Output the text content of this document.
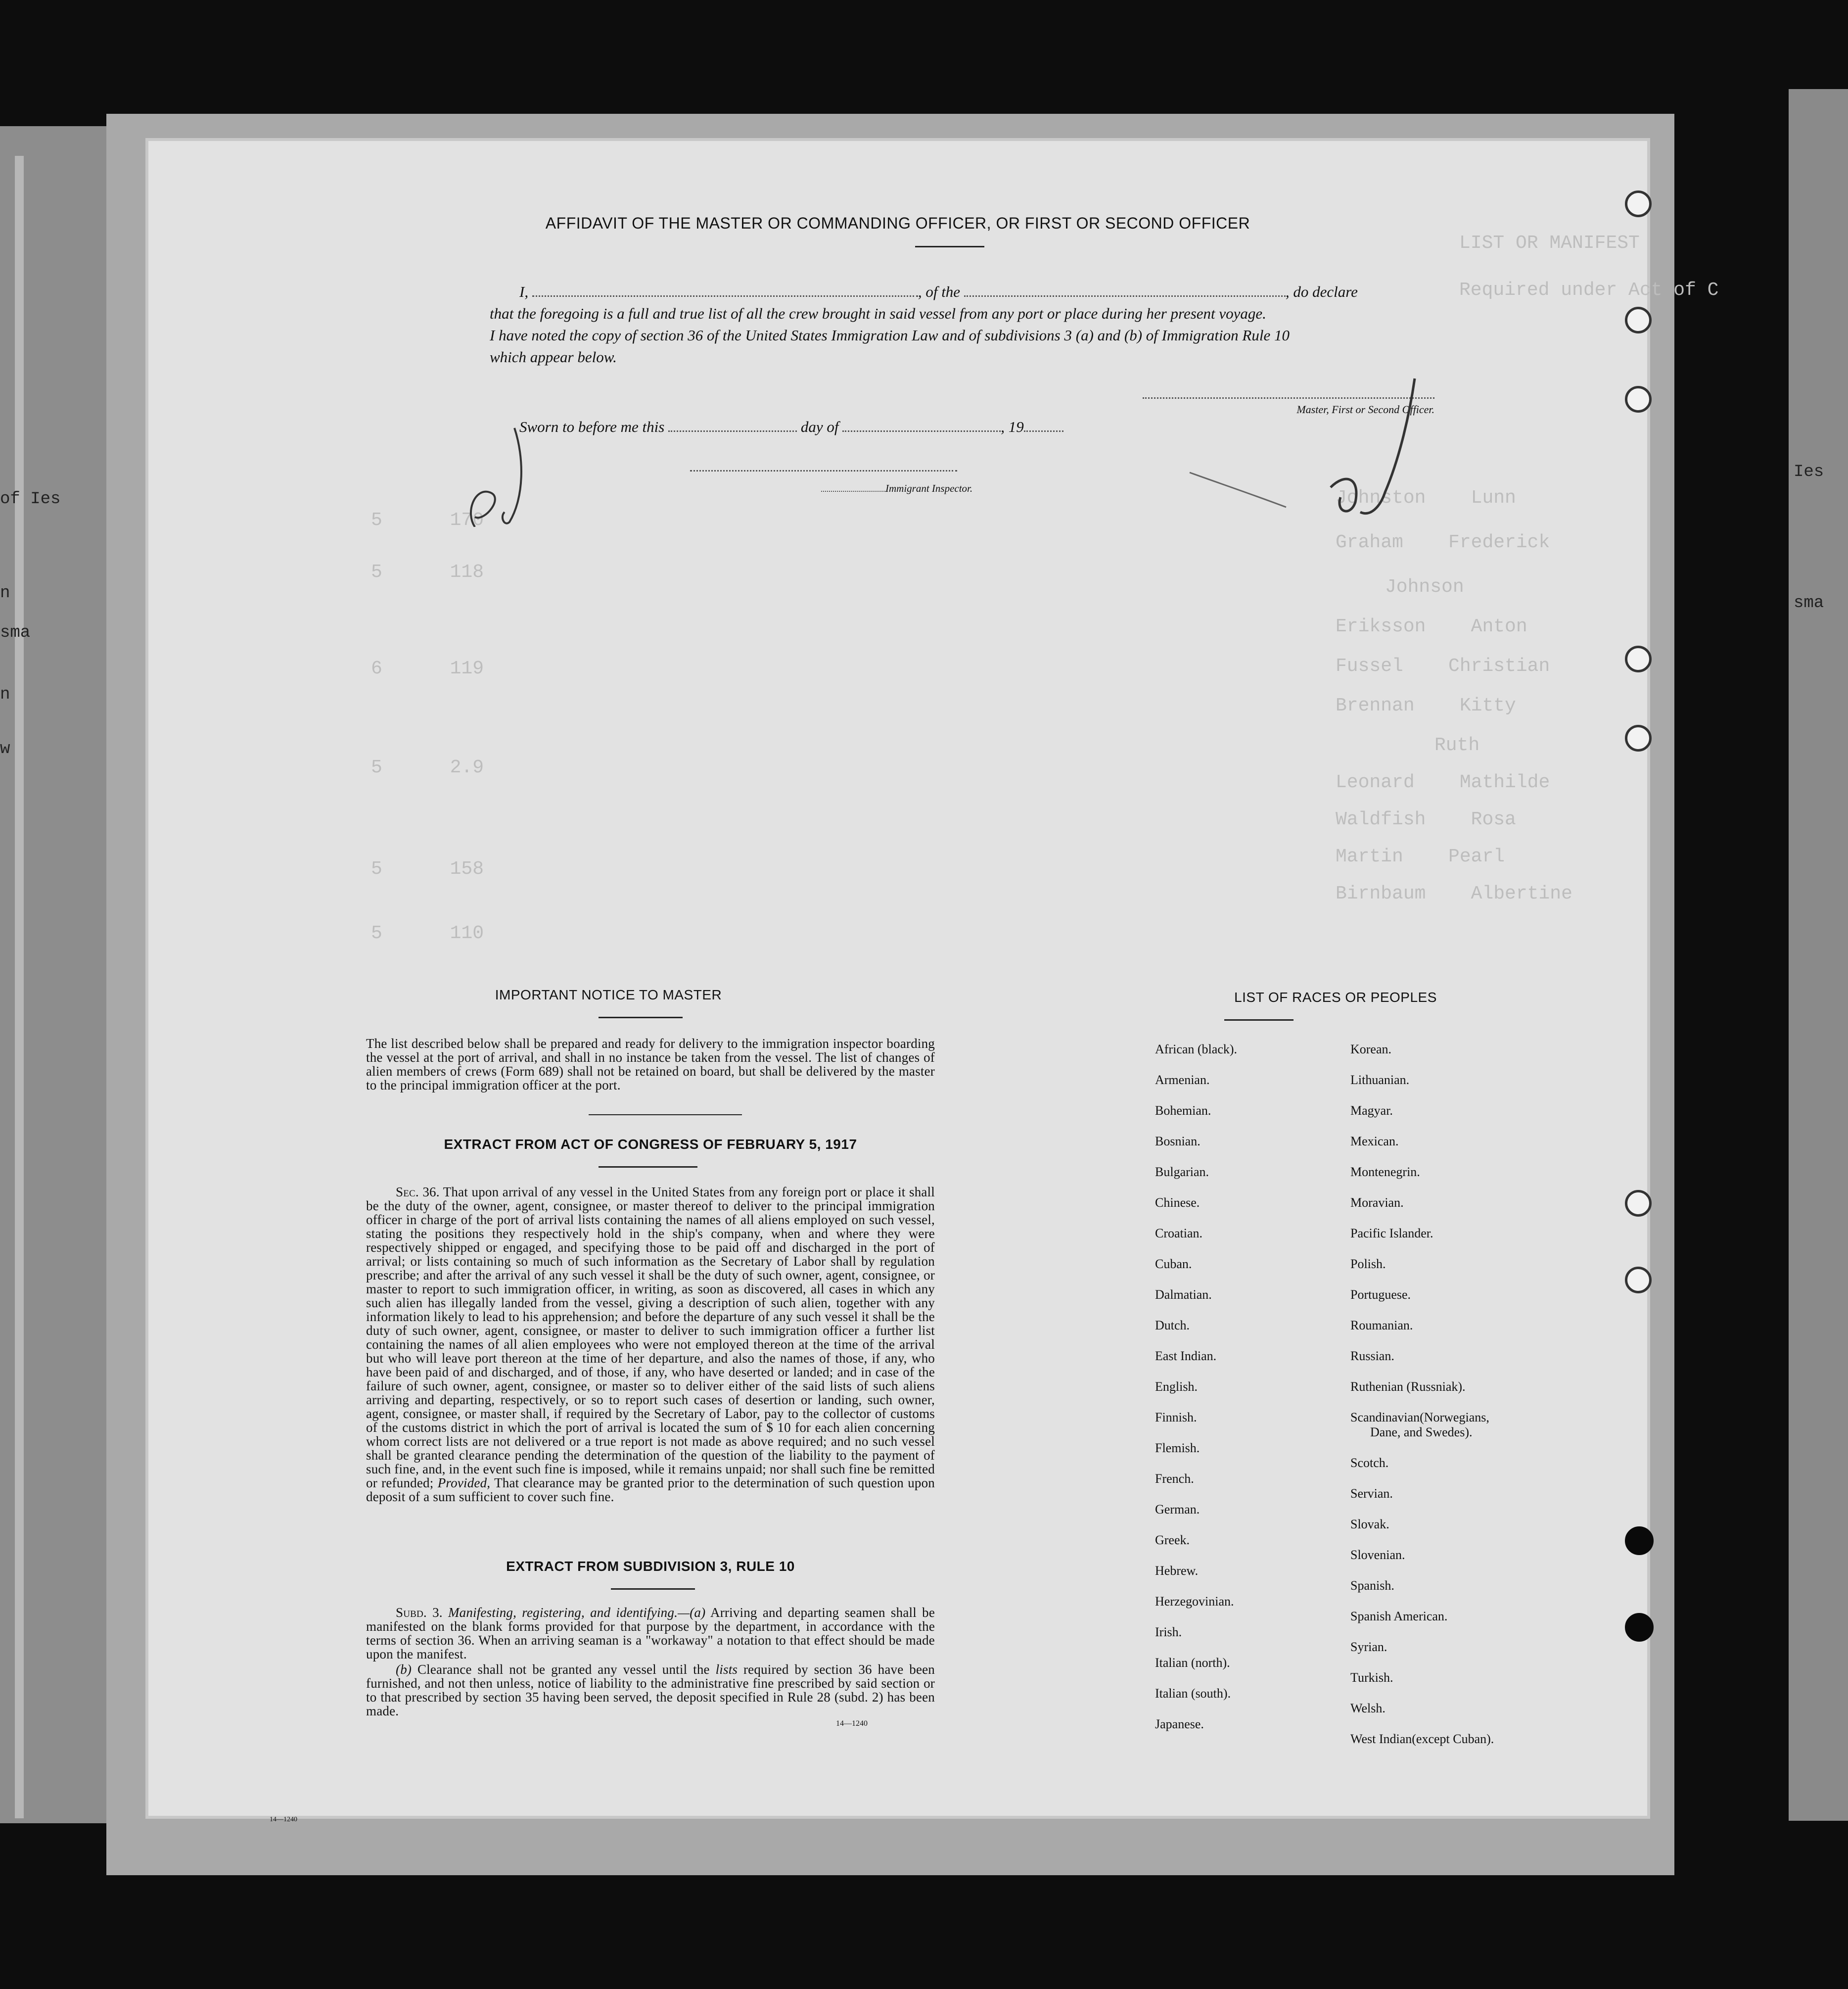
of Ies
n
sma
w
n
Ies
sma
LIST OR MANIFEST
Required under Act of C
Johnston    Lunn
Graham    Frederick
Johnson
Eriksson    Anton
Fussel    Christian
Brennan    Kitty
Ruth
Leonard    Mathilde
Waldfish    Rosa
Martin    Pearl
Birnbaum    Albertine
5      170
5      118
6      119
5      2.9
5      158
5      110
AFFIDAVIT OF THE MASTER OR COMMANDING OFFICER, OR FIRST OR SECOND OFFICER
I,	, of the	, do declare
that the foregoing is a full and true list of all the crew brought in said vessel from any port or place during her present voyage.
I have noted the copy of section 36 of the United States Immigration Law and of subdivisions 3 (a) and (b) of Immigration Rule 10
which appear below.
Master, First or Second Officer.
Sworn to before me this	day of	, 19
Immigrant Inspector.
IMPORTANT NOTICE TO MASTER

The list described below shall be prepared and ready for delivery to the immigration inspector boarding the vessel at the port of arrival, and shall in no instance be taken from the vessel. The list of changes of alien members of crews (Form 689) shall not be retained on board, but shall be delivered by the master to the principal immigration officer at the port.

EXTRACT FROM ACT OF CONGRESS OF FEBRUARY 5, 1917

Sec. 36. That upon arrival of any vessel in the United States from any foreign port or place it shall be the duty of the owner, agent, consignee, or master thereof to deliver to the principal immigration officer in charge of the port of arrival lists containing the names of all aliens employed on such vessel, stating the positions they respectively hold in the ship's company, when and where they were respectively shipped or engaged, and specifying those to be paid off and discharged in the port of arrival; or lists containing so much of such information as the Secretary of Labor shall by regulation prescribe; and after the arrival of any such vessel it shall be the duty of such owner, agent, consignee, or master to report to such immigration officer, in writing, as soon as discovered, all cases in which any such alien has illegally landed from the vessel, giving a description of such alien, together with any information likely to lead to his apprehension; and before the departure of any such vessel it shall be the duty of such owner, agent, consignee, or master to deliver to such immigration officer a further list containing the names of all alien employees who were not employed thereon at the time of the arrival but who will leave port thereon at the time of her departure, and also the names of those, if any, who have been paid of and discharged, and of those, if any, who have deserted or landed; and in case of the failure of such owner, agent, consignee, or master so to deliver either of the said lists of such aliens arriving and departing, respectively, or so to report such cases of desertion or landing, such owner, agent, consignee, or master shall, if required by the Secretary of Labor, pay to the collector of customs of the customs district in which the port of arrival is located the sum of $ 10 for each alien concerning whom correct lists are not delivered or a true report is not made as above required; and no such vessel shall be granted clearance pending the determination of the question of the liability to the payment of such fine, and, in the event such fine is imposed, while it remains unpaid; nor shall such fine be remitted or refunded; Provided, That clearance may be granted prior to the determination of such question upon deposit of a sum sufficient to cover such fine.

EXTRACT FROM SUBDIVISION 3, RULE 10

Subd. 3. Manifesting, registering, and identifying.—(a) Arriving and departing seamen shall be manifested on the blank forms provided for that purpose by the department, in accordance with the terms of section 36. When an arriving seaman is a "workaway" a notation to that effect should be made upon the manifest.

(b) Clearance shall not be granted any vessel until the lists required by section 36 have been furnished, and not then unless, notice of liability to the administrative fine prescribed by said section or to that prescribed by section 35 having been served, the deposit specified in Rule 28 (subd. 2) has been made.

14—1240
LIST OF RACES OR PEOPLES
African (black).
Armenian.
Bohemian.
Bosnian.
Bulgarian.
Chinese.
Croatian.
Cuban.
Dalmatian.
Dutch.
East Indian.
English.
Finnish.
Flemish.
French.
German.
Greek.
Hebrew.
Herzegovinian.
Irish.
Italian (north).
Italian (south).
Japanese.
Korean.
Lithuanian.
Magyar.
Mexican.
Montenegrin.
Moravian.
Pacific Islander.
Polish.
Portuguese.
Roumanian.
Russian.
Ruthenian (Russniak).
Scandinavian(Norwegians,
Dane, and Swedes).
Scotch.
Servian.
Slovak.
Slovenian.
Spanish.
Spanish American.
Syrian.
Turkish.
Welsh.
West Indian(except Cuban).
14—1240
